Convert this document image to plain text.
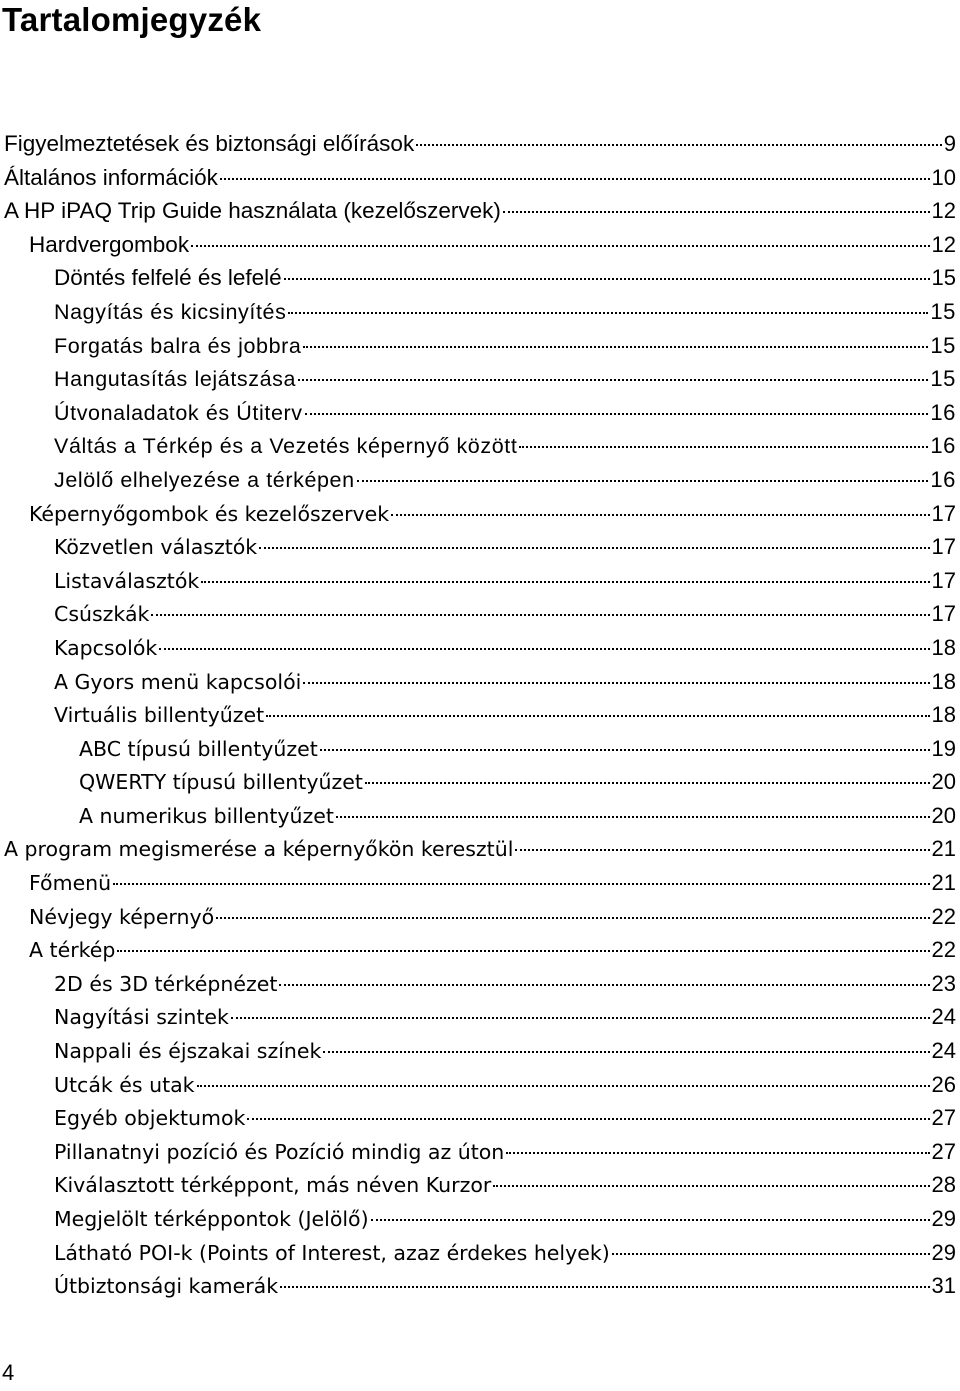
Tartalomjegyzék
Figyelmeztetések és biztonsági előírások	9
Általános információk	10
A HP iPAQ Trip Guide használata (kezelőszervek)	12
Hardvergombok	12
Döntés felfelé és lefelé	15
Nagyítás és kicsinyítés	15
Forgatás balra és jobbra	15
Hangutasítás lejátszása	15
Útvonaladatok és Útiterv	16
Váltás a Térkép és a Vezetés képernyő között	16
Jelölő elhelyezése a térképen	16
Képernyőgombok és kezelőszervek	17
Közvetlen választók	17
Listaválasztók	17
Csúszkák	17
Kapcsolók	18
A Gyors menü kapcsolói	18
Virtuális billentyűzet	18
ABC típusú billentyűzet	19
QWERTY típusú billentyűzet	20
A numerikus billentyűzet	20
A program megismerése a képernyőkön keresztül	21
Főmenü	21
Névjegy képernyő	22
A térkép	22
2D és 3D térképnézet	23
Nagyítási szintek	24
Nappali és éjszakai színek	24
Utcák és utak	26
Egyéb objektumok	27
Pillanatnyi pozíció és Pozíció mindig az úton	27
Kiválasztott térképpont, más néven Kurzor	28
Megjelölt térképpontok (Jelölő)	29
Látható POI-k (Points of Interest, azaz érdekes helyek)	29
Útbiztonsági kamerák	31
4
